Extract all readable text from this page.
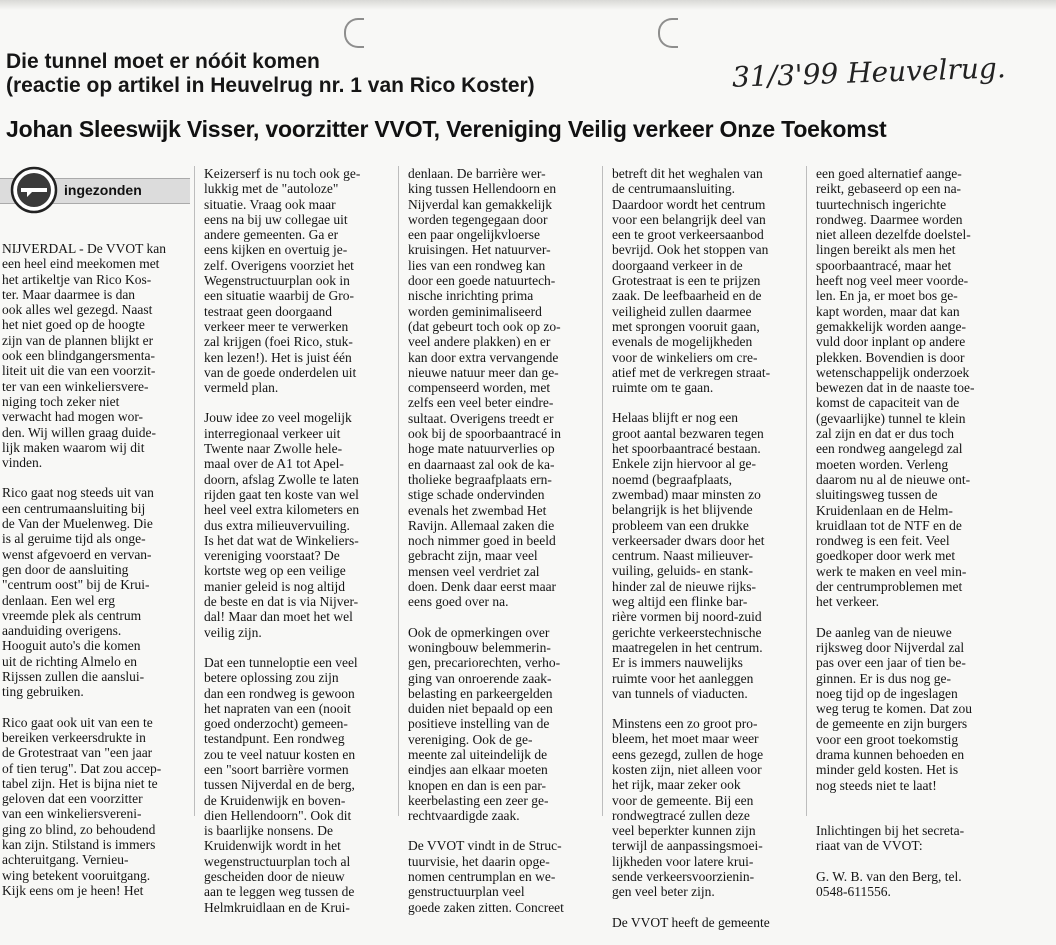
Die tunnel moet er nóóit komen
(reactie op artikel in Heuvelrug nr. 1 van Rico Koster)	31/3'99 Heuvelrug.
Johan Sleeswijk Visser, voorzitter VVOT, Vereniging Veilig verkeer Onze Toekomst
ingezonden

NIJVERDAL - De VVOT kan
een heel eind meekomen met
het artikeltje van Rico Kos-
ter. Maar daarmee is dan
ook alles wel gezegd. Naast
het niet goed op de hoogte
zijn van de plannen blijkt er
ook een blindgangersmenta-
liteit uit die van een voorzit-
ter van een winkeliersvere-
niging toch zeker niet
verwacht had mogen wor-
den. Wij willen graag duide-
lijk maken waarom wij dit
vinden.

Rico gaat nog steeds uit van
een centrumaansluiting bij
de Van der Muelenweg. Die
is al geruime tijd als onge-
wenst afgevoerd en vervan-
gen door de aansluiting
"centrum oost" bij de Krui-
denlaan. Een wel erg
vreemde plek als centrum
aanduiding overigens.
Hooguit auto's die komen
uit de richting Almelo en
Rijssen zullen die aanslui-
ting gebruiken.

Rico gaat ook uit van een te
bereiken verkeersdrukte in
de Grotestraat van "een jaar
of tien terug". Dat zou accep-
tabel zijn. Het is bijna niet te
geloven dat een voorzitter
van een winkeliersvereni-
ging zo blind, zo behoudend
kan zijn. Stilstand is immers
achteruitgang. Vernieu-
wing betekent vooruitgang.
Kijk eens om je heen! Het

Keizerserf is nu toch ook ge-
lukkig met de "autoloze"
situatie. Vraag ook maar
eens na bij uw collegae uit
andere gemeenten. Ga er
eens kijken en overtuig je-
zelf. Overigens voorziet het
Wegenstructuurplan ook in
een situatie waarbij de Gro-
testraat geen doorgaand
verkeer meer te verwerken
zal krijgen (foei Rico, stuk-
ken lezen!). Het is juist één
van de goede onderdelen uit
vermeld plan.

Jouw idee zo veel mogelijk
interregionaal verkeer uit
Twente naar Zwolle hele-
maal over de A1 tot Apel-
doorn, afslag Zwolle te laten
rijden gaat ten koste van wel
heel veel extra kilometers en
dus extra milieuvervuiling.
Is het dat wat de Winkeliers-
vereniging voorstaat? De
kortste weg op een veilige
manier geleid is nog altijd
de beste en dat is via Nijver-
dal! Maar dan moet het wel
veilig zijn.

Dat een tunneloptie een veel
betere oplossing zou zijn
dan een rondweg is gewoon
het napraten van een (nooit
goed onderzocht) gemeen-
testandpunt. Een rondweg
zou te veel natuur kosten en
een "soort barrière vormen
tussen Nijverdal en de berg,
de Kruidenwijk en boven-
dien Hellendoorn". Ook dit
is baarlijke nonsens. De
Kruidenwijk wordt in het
wegenstructuurplan toch al
gescheiden door de nieuw
aan te leggen weg tussen de
Helmkruidlaan en de Krui-

denlaan. De barrière wer-
king tussen Hellendoorn en
Nijverdal kan gemakkelijk
worden tegengegaan door
een paar ongelijkvloerse
kruisingen. Het natuurver-
lies van een rondweg kan
door een goede natuurtech-
nische inrichting prima
worden geminimaliseerd
(dat gebeurt toch ook op zo-
veel andere plakken) en er
kan door extra vervangende
nieuwe natuur meer dan ge-
compenseerd worden, met
zelfs een veel beter eindre-
sultaat. Overigens treedt er
ook bij de spoorbaantracé in
hoge mate natuurverlies op
en daarnaast zal ook de ka-
tholieke begraafplaats ern-
stige schade ondervinden
evenals het zwembad Het
Ravijn. Allemaal zaken die
noch nimmer goed in beeld
gebracht zijn, maar veel
mensen veel verdriet zal
doen. Denk daar eerst maar
eens goed over na.

Ook de opmerkingen over
woningbouw belemmerin-
gen, precariorechten, verho-
ging van onroerende zaak-
belasting en parkeergelden
duiden niet bepaald op een
positieve instelling van de
vereniging. Ook de ge-
meente zal uiteindelijk de
eindjes aan elkaar moeten
knopen en dan is een par-
keerbelasting een zeer ge-
rechtvaardigde zaak.

De VVOT vindt in de Struc-
tuurvisie, het daarin opge-
nomen centrumplan en we-
genstructuurplan veel
goede zaken zitten. Concreet

betreft dit het weghalen van
de centrumaansluiting.
Daardoor wordt het centrum
voor een belangrijk deel van
een te groot verkeersaanbod
bevrijd. Ook het stoppen van
doorgaand verkeer in de
Grotestraat is een te prijzen
zaak. De leefbaarheid en de
veiligheid zullen daarmee
met sprongen vooruit gaan,
evenals de mogelijkheden
voor de winkeliers om cre-
atief met de verkregen straat-
ruimte om te gaan.

Helaas blijft er nog een
groot aantal bezwaren tegen
het spoorbaantracé bestaan.
Enkele zijn hiervoor al ge-
noemd (begraafplaats,
zwembad) maar minsten zo
belangrijk is het blijvende
probleem van een drukke
verkeersader dwars door het
centrum. Naast milieuver-
vuiling, geluids- en stank-
hinder zal de nieuwe rijks-
weg altijd een flinke bar-
rière vormen bij noord-zuid
gerichte verkeerstechnische
maatregelen in het centrum.
Er is immers nauwelijks
ruimte voor het aanleggen
van tunnels of viaducten.

Minstens een zo groot pro-
bleem, het moet maar weer
eens gezegd, zullen de hoge
kosten zijn, niet alleen voor
het rijk, maar zeker ook
voor de gemeente. Bij een
rondwegtracé zullen deze
veel beperkter kunnen zijn
terwijl de aanpassingsmoei-
lijkheden voor latere krui-
sende verkeersvoorzienin-
gen veel beter zijn.

De VVOT heeft de gemeente

een goed alternatief aange-
reikt, gebaseerd op een na-
tuurtechnisch ingerichte
rondweg. Daarmee worden
niet alleen dezelfde doelstel-
lingen bereikt als men het
spoorbaantracé, maar het
heeft nog veel meer voorde-
len. En ja, er moet bos ge-
kapt worden, maar dat kan
gemakkelijk worden aange-
vuld door inplant op andere
plekken. Bovendien is door
wetenschappelijk onderzoek
bewezen dat in de naaste toe-
komst de capaciteit van de
(gevaarlijke) tunnel te klein
zal zijn en dat er dus toch
een rondweg aangelegd zal
moeten worden. Verleng
daarom nu al de nieuwe ont-
sluitingsweg tussen de
Kruidenlaan en de Helm-
kruidlaan tot de NTF en de
rondweg is een feit. Veel
goedkoper door werk met
werk te maken en veel min-
der centrumproblemen met
het verkeer.

De aanleg van de nieuwe
rijksweg door Nijverdal zal
pas over een jaar of tien be-
ginnen. Er is dus nog ge-
noeg tijd op de ingeslagen
weg terug te komen. Dat zou
de gemeente en zijn burgers
voor een groot toekomstig
drama kunnen behoeden en
minder geld kosten. Het is
nog steeds niet te laat!

Inlichtingen bij het secreta-
riaat van de VVOT:

G. W. B. van den Berg, tel.
0548-611556.
